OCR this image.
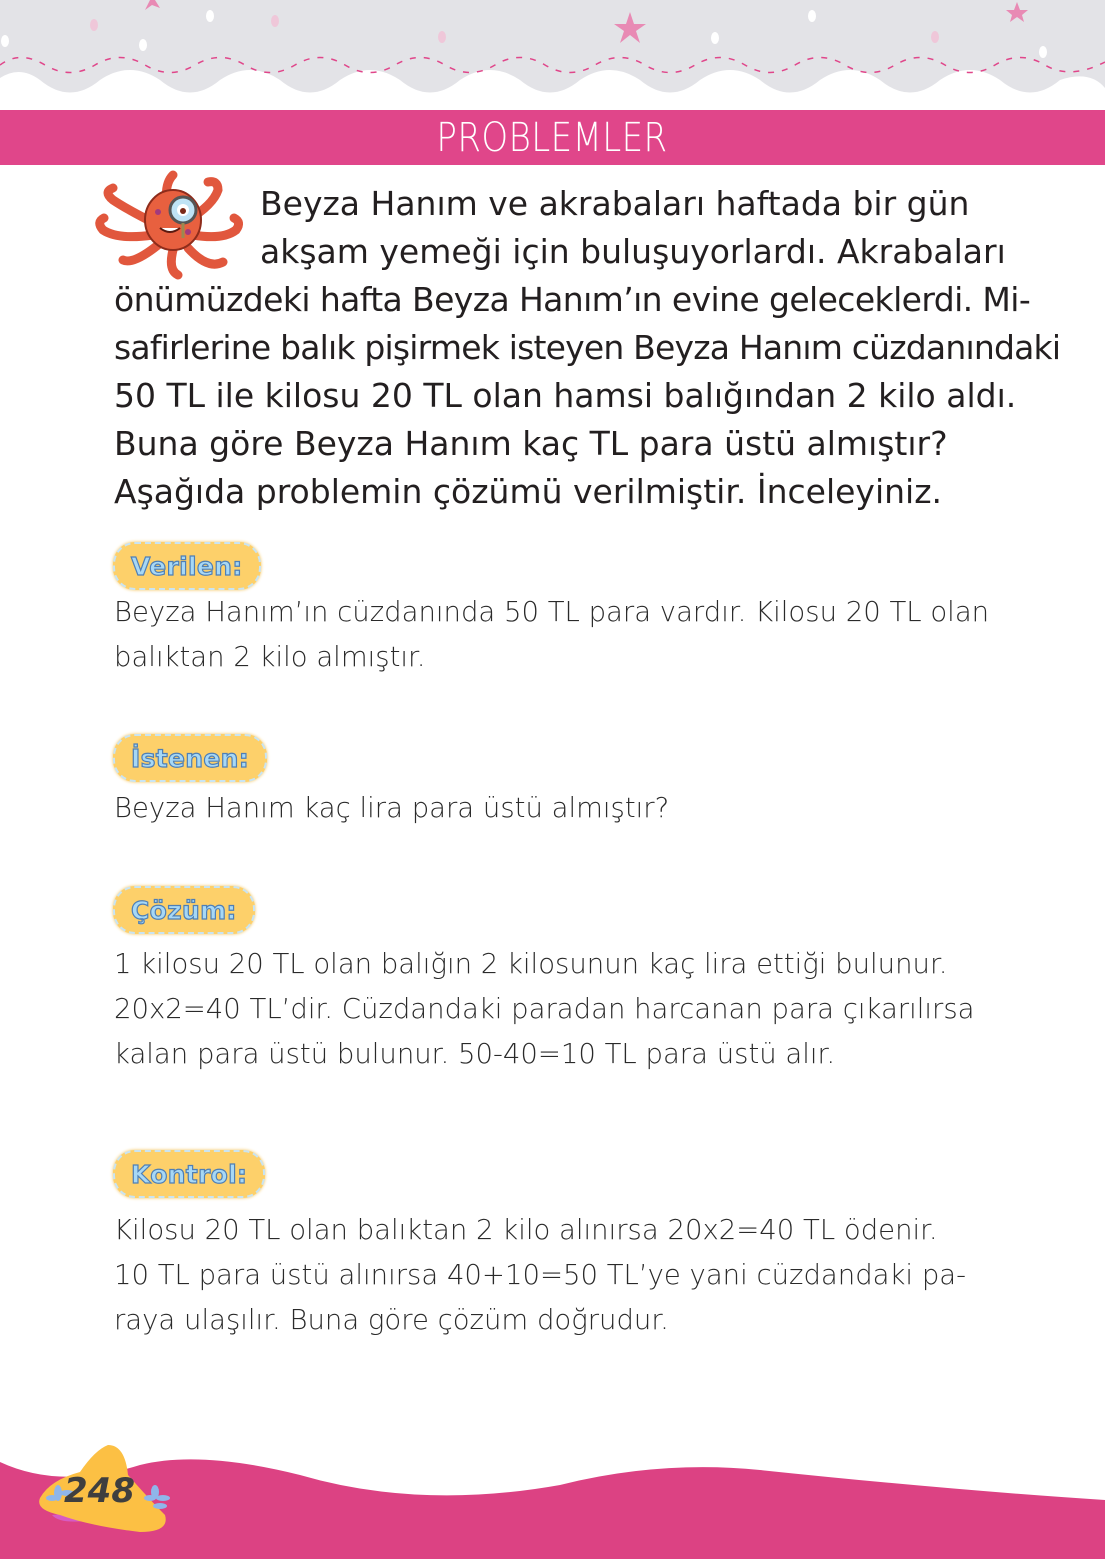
PROBLEMLER
Beyza Hanım ve akrabaları haftada bir gün
akşam yemeği için buluşuyorlardı. Akrabaları
önümüzdeki hafta Beyza Hanım’ın evine geleceklerdi. Mi-
safirlerine balık pişirmek isteyen Beyza Hanım cüzdanındaki
50 TL ile kilosu 20 TL olan hamsi balığından 2 kilo aldı.
Buna göre Beyza Hanım kaç TL para üstü almıştır?
Aşağıda problemin çözümü verilmiştir. İnceleyiniz.
Verilen:
Beyza Hanım’ın cüzdanında 50 TL para vardır. Kilosu 20 TL olan
balıktan 2 kilo almıştır.
İstenen:
Beyza Hanım kaç lira para üstü almıştır?
Çözüm:
1 kilosu 20 TL olan balığın 2 kilosunun kaç lira ettiği bulunur.
20x2=40 TL’dir. Cüzdandaki paradan harcanan para çıkarılırsa
kalan para üstü bulunur. 50-40=10 TL para üstü alır.
Kontrol:
Kilosu 20 TL olan balıktan 2 kilo alınırsa 20x2=40 TL ödenir.
10 TL para üstü alınırsa 40+10=50 TL’ye yani cüzdandaki pa-
raya ulaşılır. Buna göre çözüm doğrudur.
248
